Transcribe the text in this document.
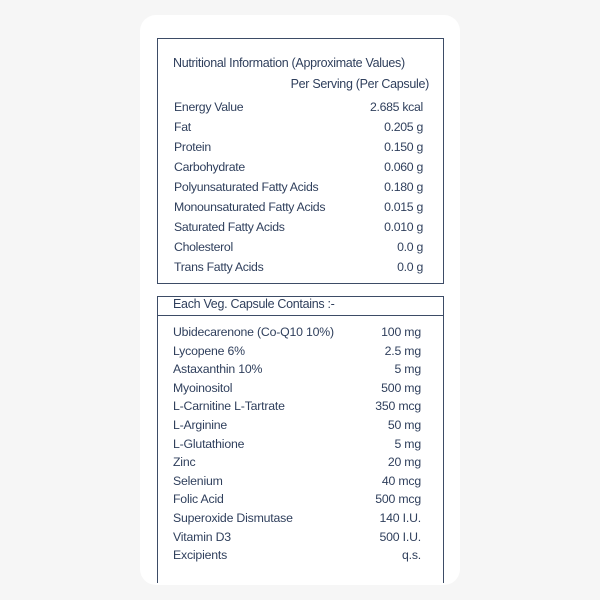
Nutritional Information (Approximate Values)
Per Serving (Per Capsule)
Energy Value	2.685 kcal
Fat	0.205 g
Protein	0.150 g
Carbohydrate	0.060 g
Polyunsaturated Fatty Acids	0.180 g
Monounsaturated Fatty Acids	0.015 g
Saturated Fatty Acids	0.010 g
Cholesterol	0.0 g
Trans Fatty Acids	0.0 g
Each Veg. Capsule Contains :-
Ubidecarenone (Co-Q10 10%)	100 mg
Lycopene 6%	2.5 mg
Astaxanthin 10%	5 mg
Myoinositol	500 mg
L-Carnitine L-Tartrate	350 mcg
L-Arginine	50 mg
L-Glutathione	5 mg
Zinc	20 mg
Selenium	40 mcg
Folic Acid	500 mcg
Superoxide Dismutase	140 I.U.
Vitamin D3	500 I.U.
Excipients	q.s.
